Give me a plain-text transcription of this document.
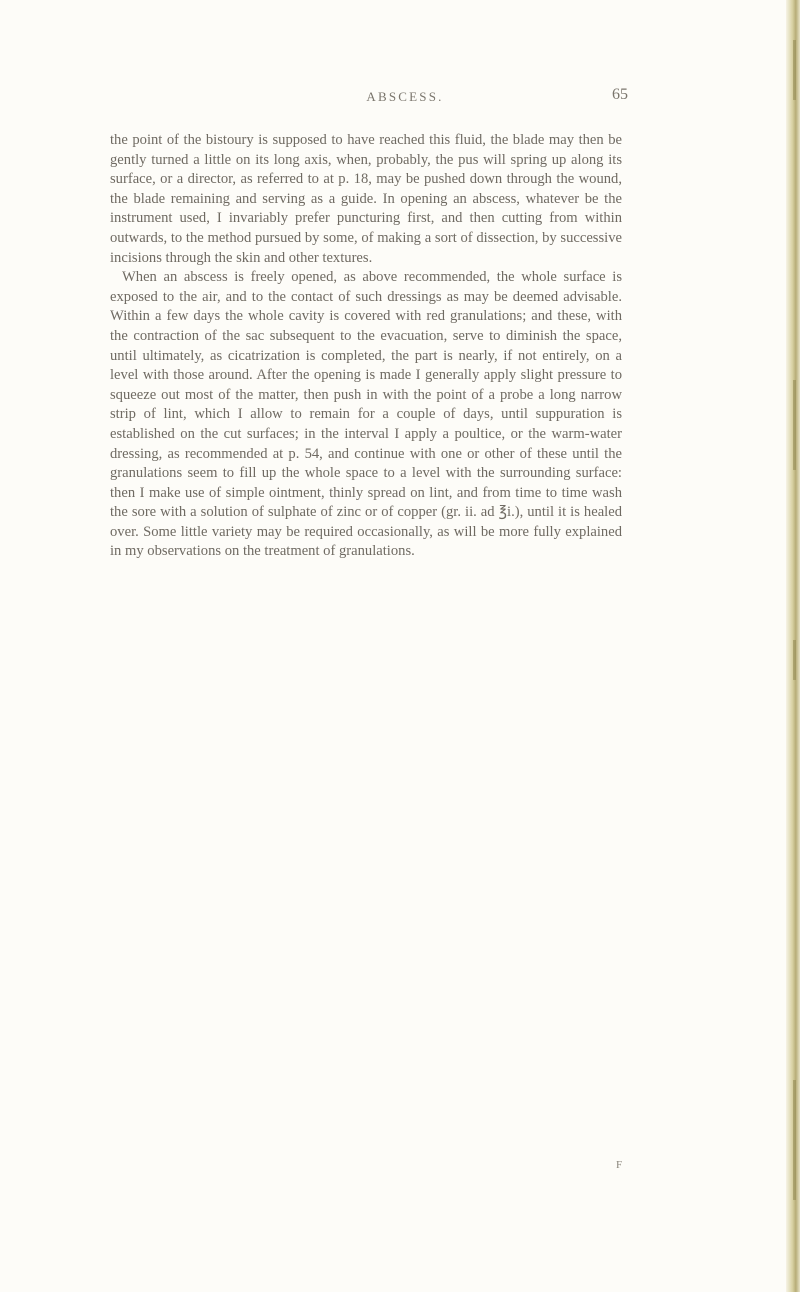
ABSCESS.	65

the point of the bistoury is supposed to have reached this fluid, the blade may then be gently turned a little on its long axis, when, probably, the pus will spring up along its surface, or a director, as referred to at p. 18, may be pushed down through the wound, the blade remaining and serving as a guide. In opening an abscess, whatever be the instrument used, I invariably prefer puncturing first, and then cutting from within outwards, to the method pursued by some, of making a sort of dissection, by successive incisions through the skin and other textures.

When an abscess is freely opened, as above recommended, the whole surface is exposed to the air, and to the contact of such dressings as may be deemed advisable. Within a few days the whole cavity is covered with red granulations; and these, with the contraction of the sac subsequent to the evacuation, serve to diminish the space, until ultimately, as cicatrization is completed, the part is nearly, if not entirely, on a level with those around. After the opening is made I generally apply slight pressure to squeeze out most of the matter, then push in with the point of a probe a long narrow strip of lint, which I allow to remain for a couple of days, until suppuration is established on the cut surfaces; in the interval I apply a poultice, or the warm-water dressing, as recommended at p. 54, and continue with one or other of these until the granulations seem to fill up the whole space to a level with the surrounding surface: then I make use of simple ointment, thinly spread on lint, and from time to time wash the sore with a solution of sulphate of zinc or of copper (gr. ii. ad ℥i.), until it is healed over. Some little variety may be required occasionally, as will be more fully explained in my observations on the treatment of granulations.

F
